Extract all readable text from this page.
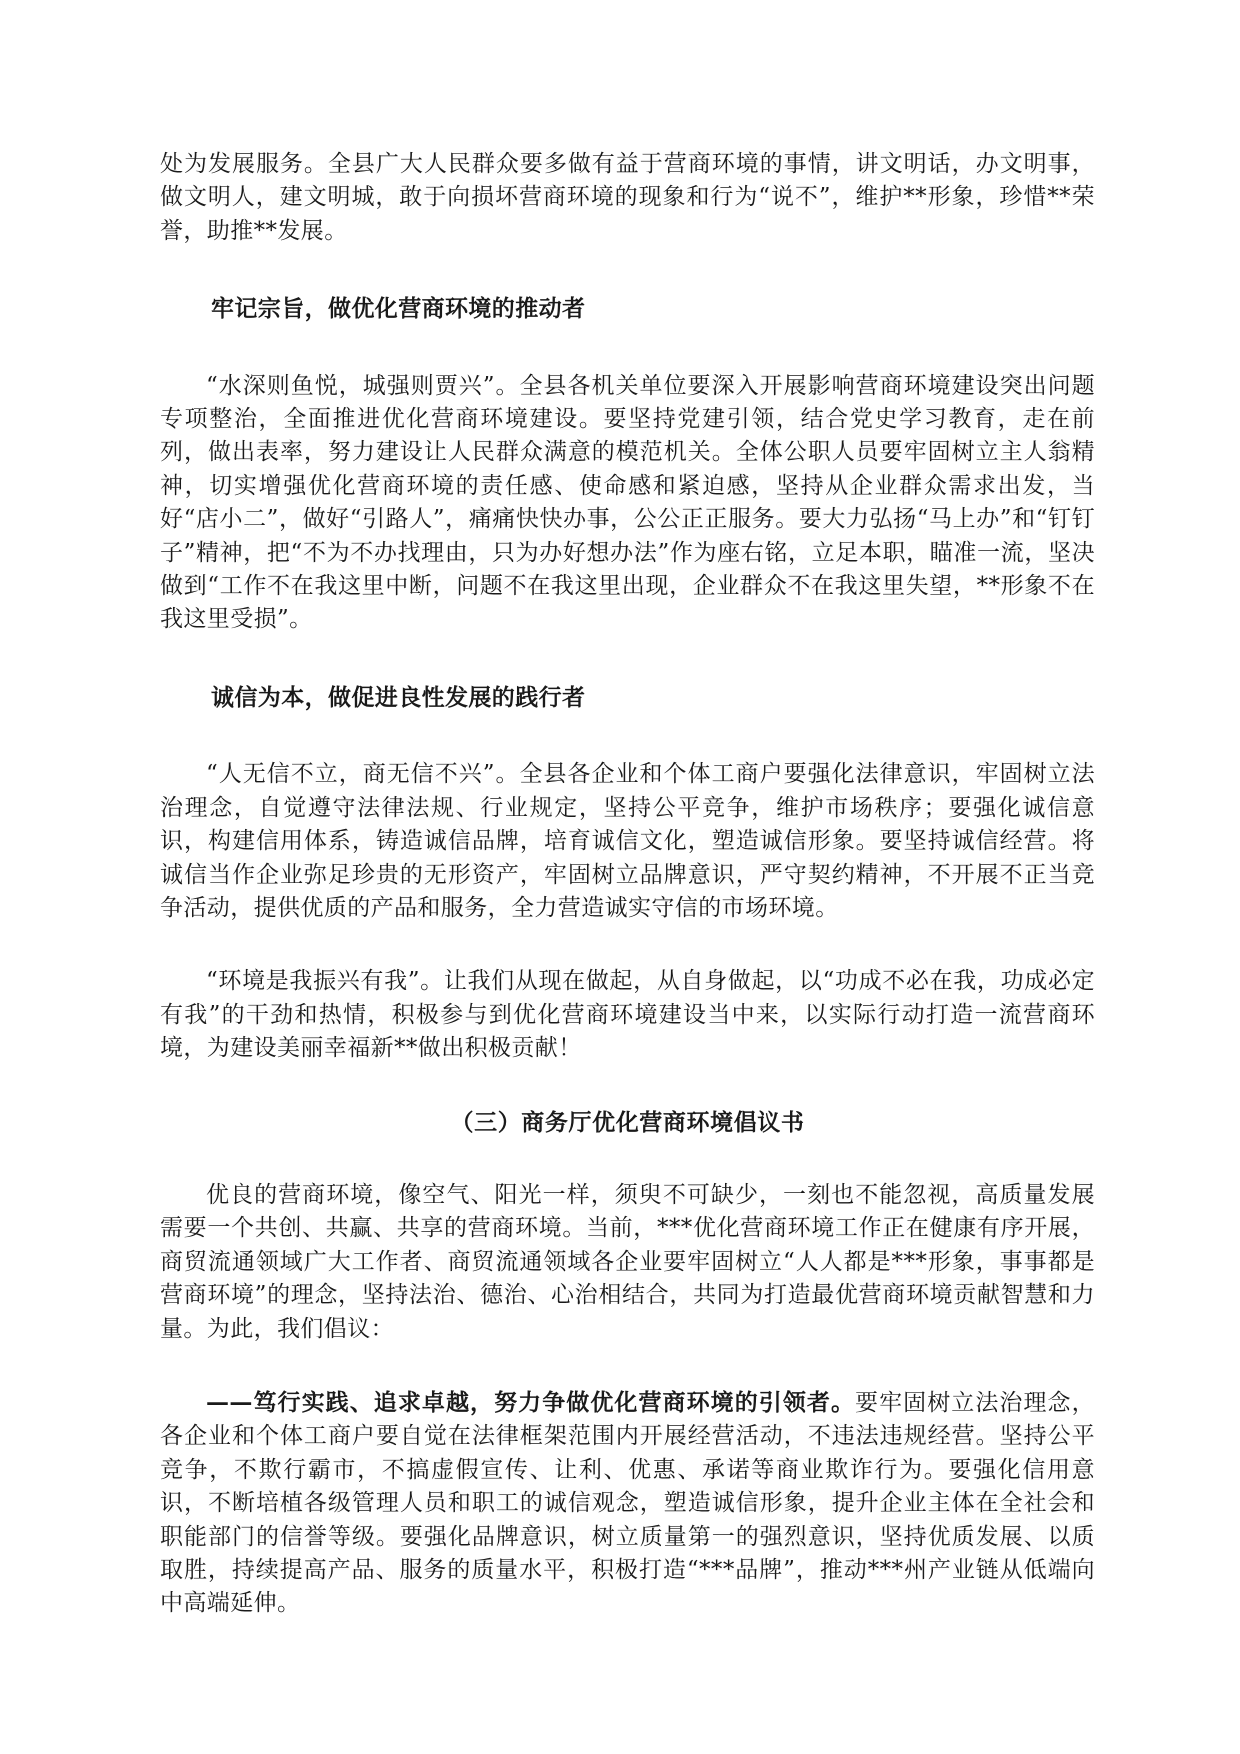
处为发展服务。全县广大人民群众要多做有益于营商环境的事情，讲文明话，办文明事，做文明人，建文明城，敢于向损坏营商环境的现象和行为“说不”，维护**形象，珍惜**荣誉，助推**发展。

牢记宗旨，做优化营商环境的推动者

“水深则鱼悦，城强则贾兴”。全县各机关单位要深入开展影响营商环境建设突出问题专项整治，全面推进优化营商环境建设。要坚持党建引领，结合党史学习教育，走在前列，做出表率，努力建设让人民群众满意的模范机关。全体公职人员要牢固树立主人翁精神，切实增强优化营商环境的责任感、使命感和紧迫感，坚持从企业群众需求出发，当好“店小二”，做好“引路人”，痛痛快快办事，公公正正服务。要大力弘扬“马上办”和“钉钉子”精神，把“不为不办找理由，只为办好想办法”作为座右铭，立足本职，瞄准一流，坚决做到“工作不在我这里中断，问题不在我这里出现，企业群众不在我这里失望，**形象不在我这里受损”。

诚信为本，做促进良性发展的践行者

“人无信不立，商无信不兴”。全县各企业和个体工商户要强化法律意识，牢固树立法治理念，自觉遵守法律法规、行业规定，坚持公平竞争，维护市场秩序；要强化诚信意识，构建信用体系，铸造诚信品牌，培育诚信文化，塑造诚信形象。要坚持诚信经营。将诚信当作企业弥足珍贵的无形资产，牢固树立品牌意识，严守契约精神，不开展不正当竞争活动，提供优质的产品和服务，全力营造诚实守信的市场环境。

“环境是我振兴有我”。让我们从现在做起，从自身做起，以“功成不必在我，功成必定有我”的干劲和热情，积极参与到优化营商环境建设当中来，以实际行动打造一流营商环境，为建设美丽幸福新**做出积极贡献！

（三）商务厅优化营商环境倡议书

优良的营商环境，像空气、阳光一样，须臾不可缺少，一刻也不能忽视，高质量发展需要一个共创、共赢、共享的营商环境。当前，***优化营商环境工作正在健康有序开展，商贸流通领域广大工作者、商贸流通领域各企业要牢固树立“人人都是***形象，事事都是营商环境”的理念，坚持法治、德治、心治相结合，共同为打造最优营商环境贡献智慧和力量。为此，我们倡议：

——笃行实践、追求卓越，努力争做优化营商环境的引领者。要牢固树立法治理念，各企业和个体工商户要自觉在法律框架范围内开展经营活动，不违法违规经营。坚持公平竞争，不欺行霸市，不搞虚假宣传、让利、优惠、承诺等商业欺诈行为。要强化信用意识，不断培植各级管理人员和职工的诚信观念，塑造诚信形象，提升企业主体在全社会和职能部门的信誉等级。要强化品牌意识，树立质量第一的强烈意识，坚持优质发展、以质取胜，持续提高产品、服务的质量水平，积极打造“***品牌”，推动***州产业链从低端向中高端延伸。
